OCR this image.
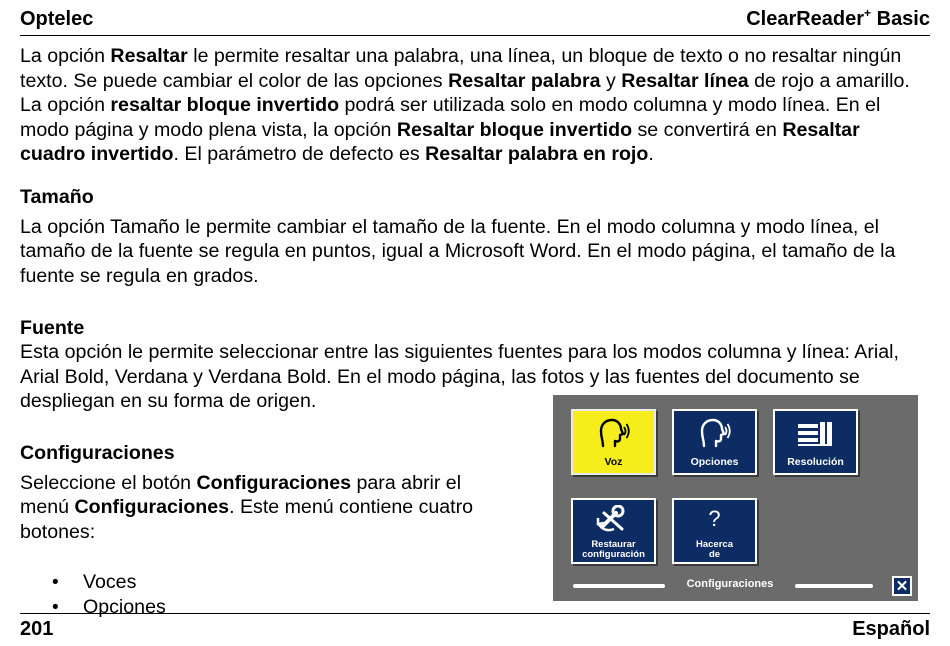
Optelec	ClearReader+ Basic

La opción Resaltar le permite resaltar una palabra, una línea, un bloque de texto o no resaltar ningún texto. Se puede cambiar el color de las opciones Resaltar palabra y Resaltar línea de rojo a amarillo. La opción resaltar bloque invertido podrá ser utilizada solo en modo columna y modo línea. En el modo página y modo plena vista, la opción Resaltar bloque invertido se convertirá en Resaltar cuadro invertido. El parámetro de defecto es Resaltar palabra en rojo.

Tamaño

La opción Tamaño le permite cambiar el tamaño de la fuente. En el modo columna y modo línea, el tamaño de la fuente se regula en puntos, igual a Microsoft Word. En el modo página, el tamaño de la fuente se regula en grados.

Fuente

Esta opción le permite seleccionar entre las siguientes fuentes para los modos columna y línea: Arial, Arial Bold, Verdana y Verdana Bold. En el modo página, las fotos y las fuentes del documento se despliegan en su forma de origen.

Configuraciones

Seleccione el botón Configuraciones para abrir el menú Configuraciones. Este menú contiene cuatro botones:

• Voces
• Opciones
Voz	Opciones	Resolución
Restaurar
configuración
?
Hacerca
de
Configuraciones	✕
201	Español
